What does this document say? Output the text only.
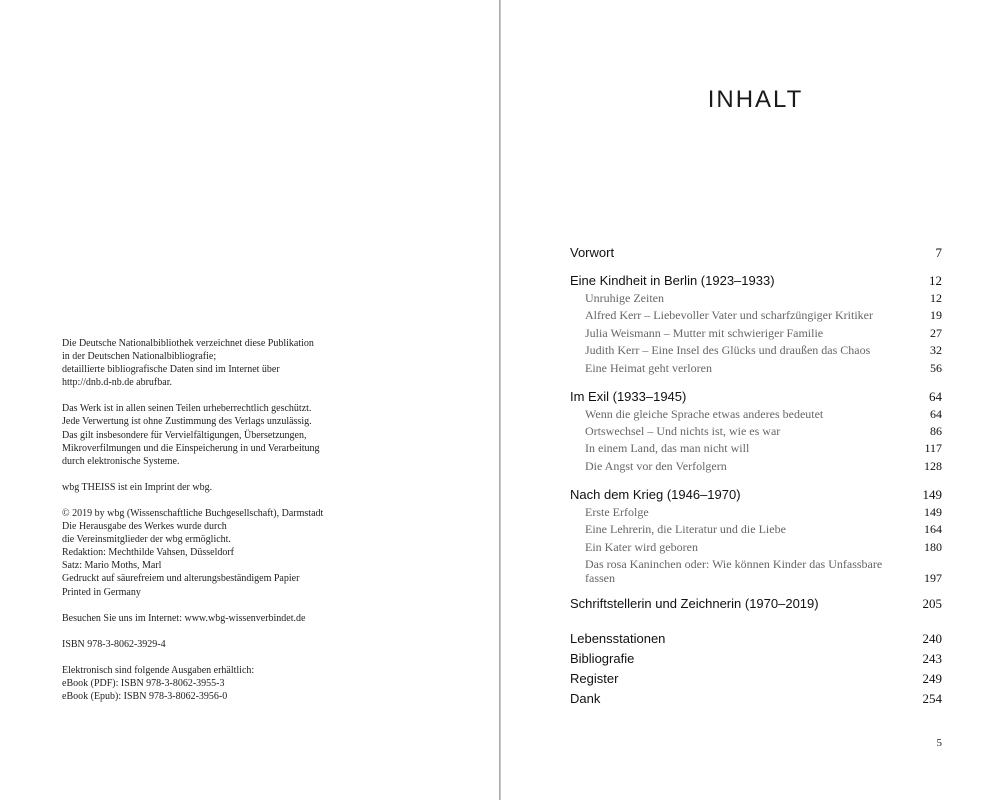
Die Deutsche Nationalbibliothek verzeichnet diese Publikation
in der Deutschen Nationalbibliografie;
detaillierte bibliografische Daten sind im Internet über
http://dnb.d-nb.de abrufbar.
Das Werk ist in allen seinen Teilen urheberrechtlich geschützt.
Jede Verwertung ist ohne Zustimmung des Verlags unzulässig.
Das gilt insbesondere für Vervielfältigungen, Übersetzungen,
Mikroverfilmungen und die Einspeicherung in und Verarbeitung
durch elektronische Systeme.
wbg THEISS ist ein Imprint der wbg.
© 2019 by wbg (Wissenschaftliche Buchgesellschaft), Darmstadt
Die Herausgabe des Werkes wurde durch
die Vereinsmitglieder der wbg ermöglicht.
Redaktion: Mechthilde Vahsen, Düsseldorf
Satz: Mario Moths, Marl
Gedruckt auf säurefreiem und alterungsbeständigem Papier
Printed in Germany
Besuchen Sie uns im Internet: www.wbg-wissenverbindet.de
ISBN 978-3-8062-3929-4
Elektronisch sind folgende Ausgaben erhältlich:
eBook (PDF): ISBN 978-3-8062-3955-3
eBook (Epub): ISBN 978-3-8062-3956-0
INHALT
Vorwort	7
Eine Kindheit in Berlin (1923–1933)	12
Unruhige Zeiten	12
Alfred Kerr – Liebevoller Vater und scharfzüngiger Kritiker	19
Julia Weismann – Mutter mit schwieriger Familie	27
Judith Kerr – Eine Insel des Glücks und draußen das Chaos	32
Eine Heimat geht verloren	56
Im Exil (1933–1945)	64
Wenn die gleiche Sprache etwas anderes bedeutet	64
Ortswechsel – Und nichts ist, wie es war	86
In einem Land, das man nicht will	117
Die Angst vor den Verfolgern	128
Nach dem Krieg (1946–1970)	149
Erste Erfolge	149
Eine Lehrerin, die Literatur und die Liebe	164
Ein Kater wird geboren	180
Das rosa Kaninchen oder: Wie können Kinder das Unfassbare fassen	197
Schriftstellerin und Zeichnerin (1970–2019)	205
Lebensstationen	240
Bibliografie	243
Register	249
Dank	254
5
